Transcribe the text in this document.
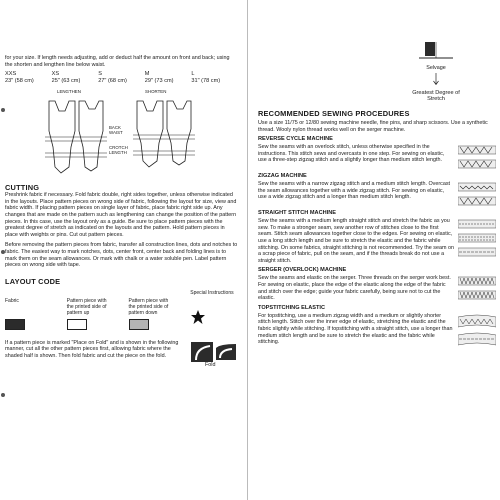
for your size. If length needs adjusting, add or deduct half the amount on front and back; using the shorten and lengthen line below waist.
XXS	XS	S	M	L
23" (58 cm)	25" (63 cm)	27" (68 cm)	29" (73 cm)	31" (78 cm)
LENGTHEN	SHORTEN
BACK WAIST
CROTCH LENGTH
CUTTING
Preshrink fabric if necessary. Fold fabric double, right sides together, unless otherwise indicated in the layouts. Place pattern pieces on wrong side of fabric, following the layout for size, view and fabric width. If placing pattern pieces on single layer of fabric, place fabric right side up. Any changes that are made on the pattern such as lengthening can change the position of the pattern pieces. In this case, use the layout only as a guide. Be sure to place pattern pieces with the greatest degree of stretch as indicated on the layouts and the pattern. Hold pattern pieces in place with weights or pins. Cut out pattern pieces.
Before removing the pattern pieces from fabric, transfer all construction lines, dots and notches to fabric. The easiest way to mark notches, dots, center front, center back and folding lines is to mark them on the seam allowances. Or mark with chalk or a water soluble pen. Label pattern pieces on wrong side with tape.
LAYOUT CODE
Fabric	Pattern piece with the printed side of pattern up
Pattern piece with the printed side of pattern down
Special Instructions
If a pattern piece is marked "Place on Fold" and is shown in the following manner, cut all the other pattern pieces first, allowing fabric where the shaded half is shown. Then fold fabric and cut the piece on the fold.
Fold
Selvage
Greatest Degree of Stretch
RECOMMENDED SEWING PROCEDURES
Use a size 11/75 or 12/80 sewing machine needle, fine pins, and sharp scissors. Use a synthetic thread. Wooly nylon thread works well on the serger machine.
REVERSE CYCLE MACHINE
Sew the seams with an overlock stitch, unless otherwise specified in the instructions. This stitch sews and overcasts in one step. For sewing on elastic, use a three-step zigzag stitch and a slightly longer than medium stitch length.
ZIGZAG MACHINE
Sew the seams with a narrow zigzag stitch and a medium stitch length. Overcast the seam allowances together with a wide zigzag stitch. For sewing on elastic, use a wide zigzag stitch and a longer than medium stitch length.
STRAIGHT STITCH MACHINE
Sew the seams with a medium length straight stitch and stretch the fabric as you sew. To make a stronger seam, sew another row of stitches close to the first seam. Stitch seam allowances together close to the edges. For sewing on elastic, use a long stitch length and be sure to stretch the elastic and the fabric while stitching. On some fabrics, straight stitching is not recommended. Try the seam on a scrap piece of fabric, pull on the seam, and if the threads break do not use a straight stitch.
SERGER (OVERLOCK) MACHINE
Sew the seams and elastic on the serger. Three threads on the serger work best. For sewing on elastic, place the edge of the elastic along the edge of the fabric and stitch over the edge; guide your fabric carefully, being sure not to cut the elastic.
TOPSTITCHING ELASTIC
For topstitching, use a medium zigzag width and a medium or slightly shorter stitch length. Stitch over the inner edge of elastic, stretching the elastic and the fabric slightly while stitching. If topstitching with a straight stitch, use a longer than medium stitch length and be sure to stretch the elastic and the fabric while stitching.
